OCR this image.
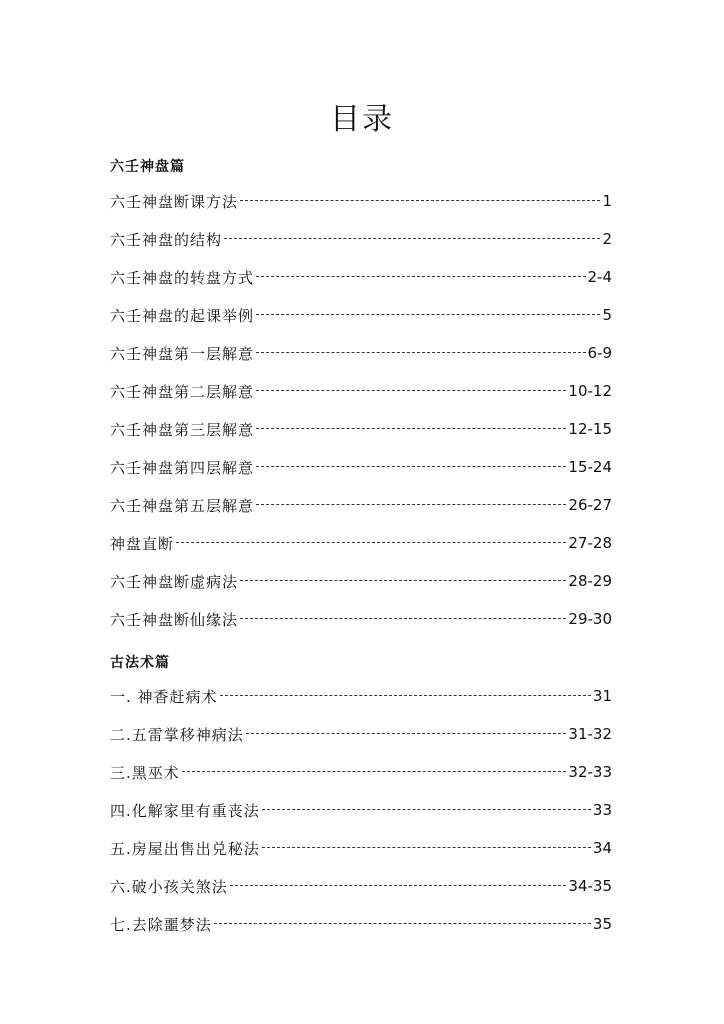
目录
六壬神盘篇
六壬神盘断课方法	1
六壬神盘的结构	2
六壬神盘的转盘方式	2-4
六壬神盘的起课举例	5
六壬神盘第一层解意	6-9
六壬神盘第二层解意	10-12
六壬神盘第三层解意	12-15
六壬神盘第四层解意	15-24
六壬神盘第五层解意	26-27
神盘直断	27-28
六壬神盘断虚病法	28-29
六壬神盘断仙缘法	29-30
古法术篇
一. 神香赶病术	31
二.五雷掌移神病法	31-32
三.黑巫术	32-33
四.化解家里有重丧法	33
五.房屋出售出兑秘法	34
六.破小孩关煞法	34-35
七.去除噩梦法	35
